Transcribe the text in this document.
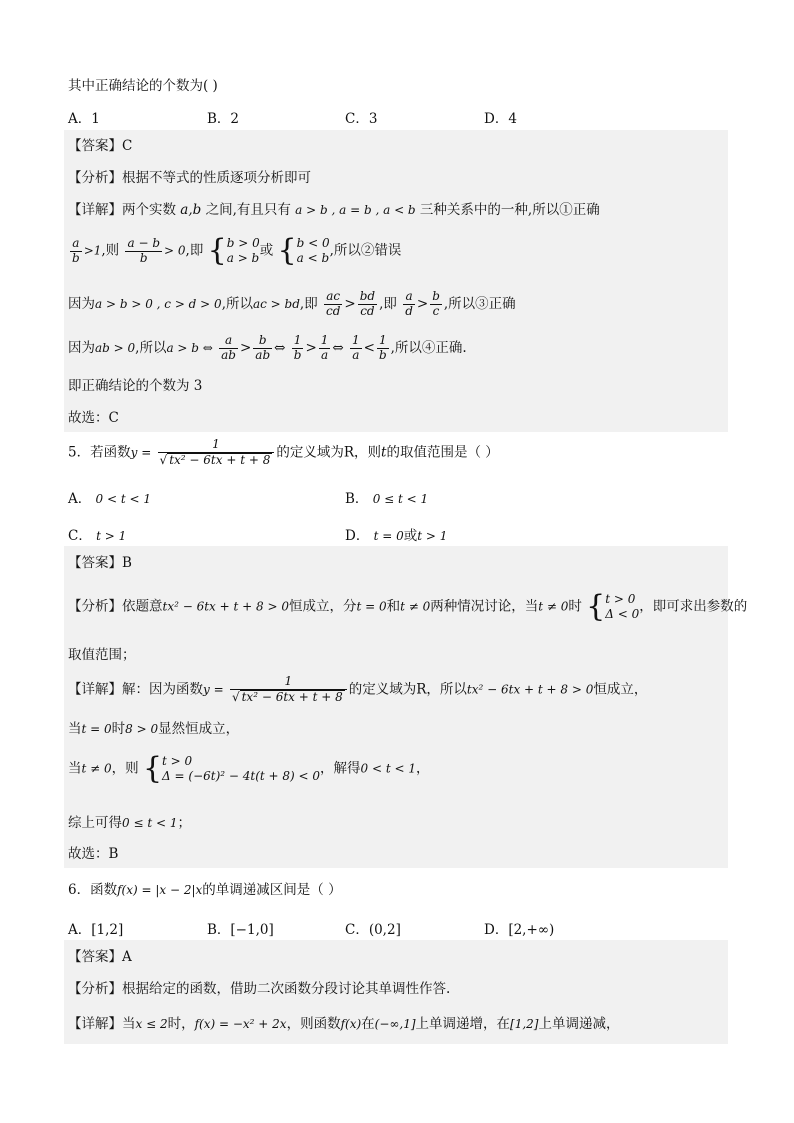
其中正确结论的个数为( )
A．1	B．2	C．3	D．4
【答案】C
【分析】根据不等式的性质逐项分析即可
【详解】两个实数 a,b 之间,有且只有 a > b , a = b , a < b 三种关系中的一种,所以①正确
$\frac{a}{b} >1$,则 $\frac{a - b}{b} > 0$,即 { b > 0
a > b 或 { b < 0
a < b ,所以②错误
因为a > b > 0 , c > d > 0,所以ac > bd,即 $\frac{ac}{cd} > \frac{bd}{cd}$ ,即 $\frac{a}{d} > \frac{b}{c}$ ,所以③正确
因为ab > 0,所以a > b ⇔ $\frac{a}{ab} > \frac{b}{ab}$ ⇔ $\frac{1}{b} > \frac{1}{a}$ ⇔ $\frac{1}{a} < \frac{1}{b}$ ,所以④正确.
即正确结论的个数为 3
故选：C
5．若函数$y = \frac{1}{\text{√ tx² − 6tx + t + 8}}$ 的定义域为R，则t的取值范围是（ ）
A． 0 < t < 1	B． 0 ≤ t < 1
C． t > 1	D． t = 0或t > 1
【答案】B
【分析】依题意tx² − 6tx + t + 8 > 0恒成立，分t = 0和t ≠ 0两种情况讨论，当t ≠ 0时 { t > 0
Δ < 0 ，即可求出参数的
取值范围；
【详解】解：因为函数$y = \frac{1}{\text{√ tx² − 6tx + t + 8}}$ 的定义域为R，所以tx² − 6tx + t + 8 > 0恒成立，
当t = 0时8 > 0显然恒成立，
当t ≠ 0，则 { t > 0
Δ = (−6t)² − 4t(t + 8) < 0 ，解得0 < t < 1，
综上可得0 ≤ t < 1；
故选：B
6．函数f(x) = |x − 2|x的单调递减区间是（ ）
A．[1,2]	B．[−1,0]	C．(0,2]	D．[2,+∞)
【答案】A
【分析】根据给定的函数，借助二次函数分段讨论其单调性作答.
【详解】当x ≤ 2时，f(x) = −x² + 2x，则函数f(x)在(−∞,1]上单调递增，在[1,2]上单调递减，
